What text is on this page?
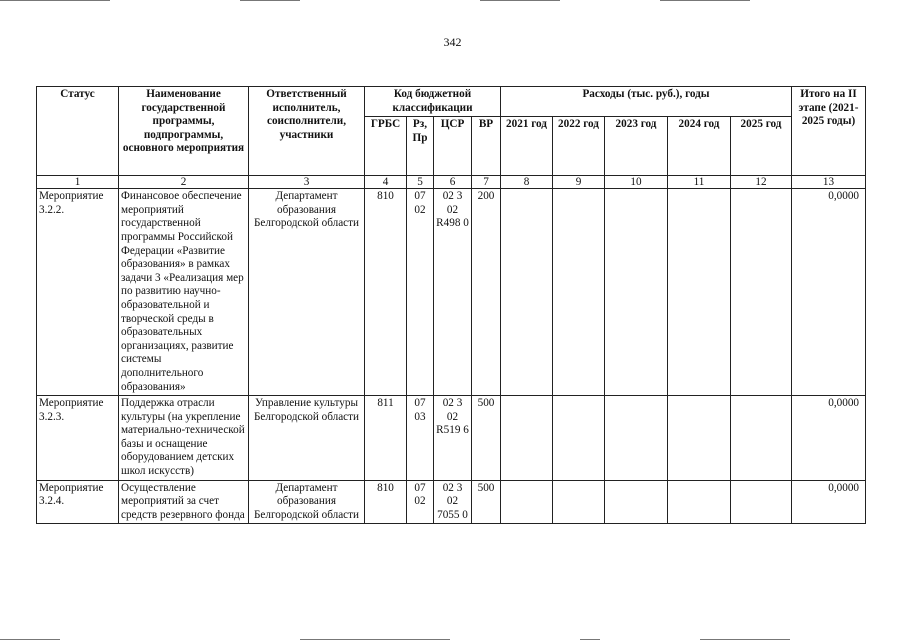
342
Статус	Наименование государственной программы, подпрограммы, основного мероприятия	Ответственный исполнитель, соисполнители, участники	Код бюджетной классификации				Расходы (тыс. руб.), годы					Итого на II этапе (2021-2025 годы)
			ГРБС	Рз, Пр	ЦСР	ВР	2021 год	2022 год	2023 год	2024 год	2025 год	
1	2	3	4	5	6	7	8	9	10	11	12	13
Мероприятие 3.2.2.	Финансовое обеспечение мероприятий государственной программы Российской Федерации «Развитие образования» в рамках задачи 3 «Реализация мер по развитию научно-образовательной и творческой среды в образовательных организациях, развитие системы дополнительного образования»	Департамент образования Белгородской области	810	07 02	02 3 02 R498 0	200						0,0000
Мероприятие 3.2.3.	Поддержка отрасли культуры (на укрепление материально-технической базы и оснащение оборудованием детских школ искусств)	Управление культуры Белгородской области	811	07 03	02 3 02 R519 6	500						0,0000
Мероприятие 3.2.4.	Осуществление мероприятий за счет средств резервного фонда	Департамент образования Белгородской области	810	07 02	02 3 02 7055 0	500						0,0000
